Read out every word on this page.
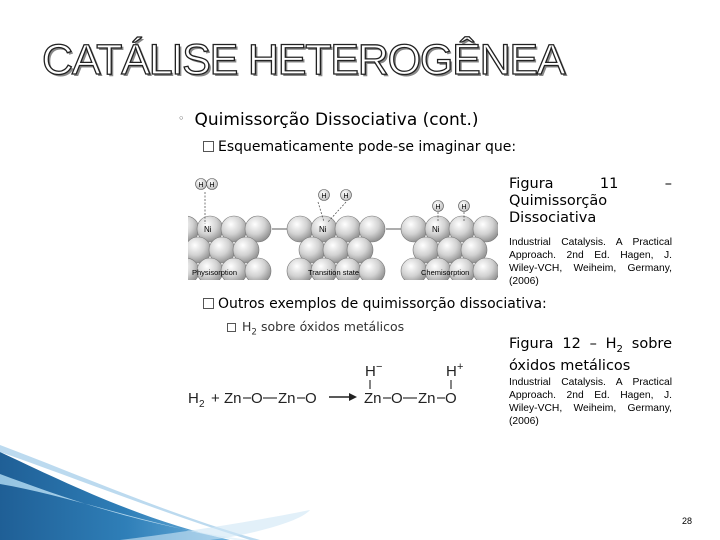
CATÁLISE HETEROGÊNEA
◦ Quimissorção Dissociativa (cont.)
Esquematicamente pode-se imaginar que:
Ni
H H
Physisorption
Ni
H H
Transition state
Ni
H	H
Chemisorption
Figura 11 –
Quimissorção
Dissociativa
Industrial Catalysis. A Practical Approach. 2nd Ed. Hagen, J. Wiley-VCH, Weiheim, Germany, (2006)
Outros exemplos de quimissorção dissociativa:
$H_2$ sobre óxidos metálicos
H 2 + Zn O Zn O	Zn O Zn O
H −	H +
Figura $12 - H_2$ sobre
óxidos metálicos
Industrial Catalysis. A Practical Approach. 2nd Ed. Hagen, J. Wiley-VCH, Weiheim, Germany, (2006)
28
